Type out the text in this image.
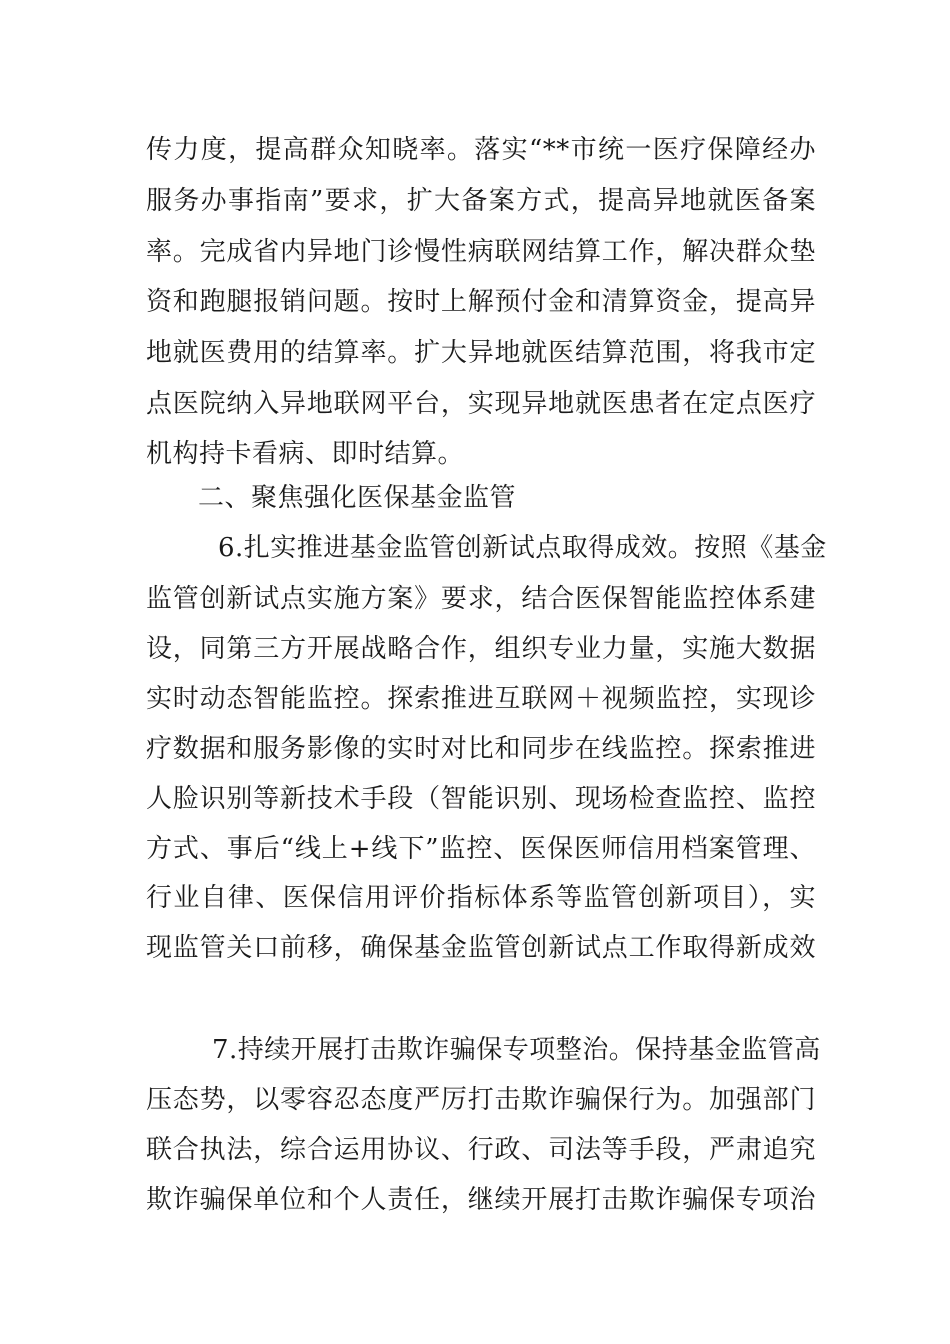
传力度，提高群众知晓率。落实“**市统一医疗保障经办
服务办事指南”要求，扩大备案方式，提高异地就医备案
率。完成省内异地门诊慢性病联网结算工作，解决群众垫
资和跑腿报销问题。按时上解预付金和清算资金，提高异
地就医费用的结算率。扩大异地就医结算范围，将我市定
点医院纳入异地联网平台，实现异地就医患者在定点医疗
机构持卡看病、即时结算。
二、聚焦强化医保基金监管
6.扎实推进基金监管创新试点取得成效。按照《基金
监管创新试点实施方案》要求，结合医保智能监控体系建
设，同第三方开展战略合作，组织专业力量，实施大数据
实时动态智能监控。探索推进互联网＋视频监控，实现诊
疗数据和服务影像的实时对比和同步在线监控。探索推进
人脸识别等新技术手段（智能识别、现场检查监控、监控
方式、事后“线上+线下”监控、医保医师信用档案管理、
行业自律、医保信用评价指标体系等监管创新项目），实
现监管关口前移，确保基金监管创新试点工作取得新成效
7.持续开展打击欺诈骗保专项整治。保持基金监管高
压态势，以零容忍态度严厉打击欺诈骗保行为。加强部门
联合执法，综合运用协议、行政、司法等手段，严肃追究
欺诈骗保单位和个人责任，继续开展打击欺诈骗保专项治
